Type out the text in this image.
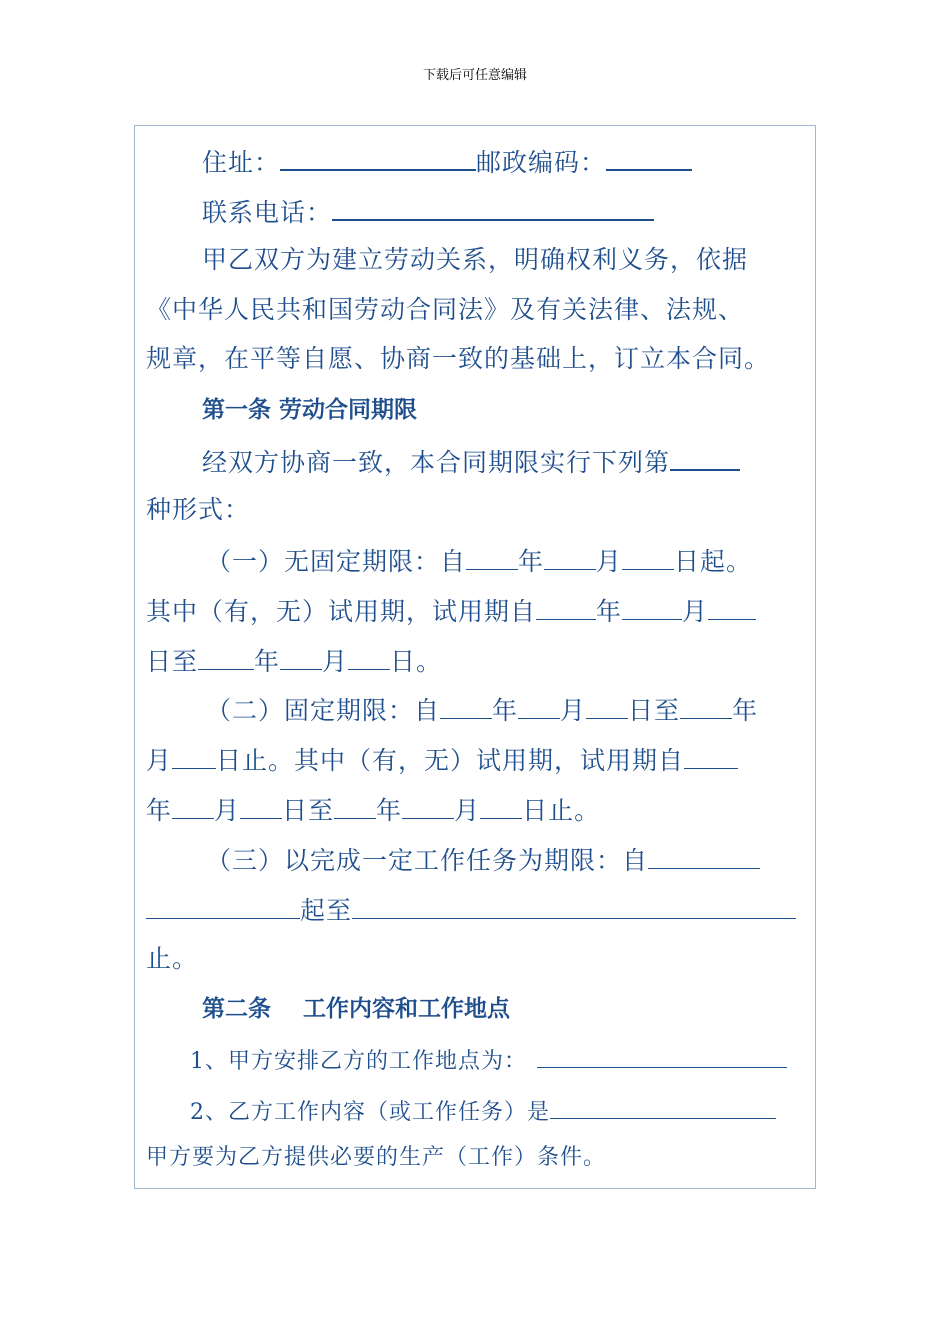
下载后可任意编辑
住址：	邮政编码：
联系电话：
甲乙双方为建立劳动关系，明确权利义务，依据
《中华人民共和国劳动合同法》及有关法律、法规、
规章，在平等自愿、协商一致的基础上，订立本合同。
第一条 劳动合同期限
经双方协商一致，本合同期限实行下列第
种形式：
（一）无固定期限：自 年 月 日起。
其中（有，无）试用期，试用期自 年 月
日至 年 月 日。
（二）固定期限：自 年 月 日至 年
月 日止。其中（有，无）试用期，试用期自
年 月 日至 年 月 日止。
（三）以完成一定工作任务为期限：自
起至
止。
第二条    工作内容和工作地点
1、甲方安排乙方的工作地点为：
2、乙方工作内容（或工作任务）是
甲方要为乙方提供必要的生产（工作）条件。
